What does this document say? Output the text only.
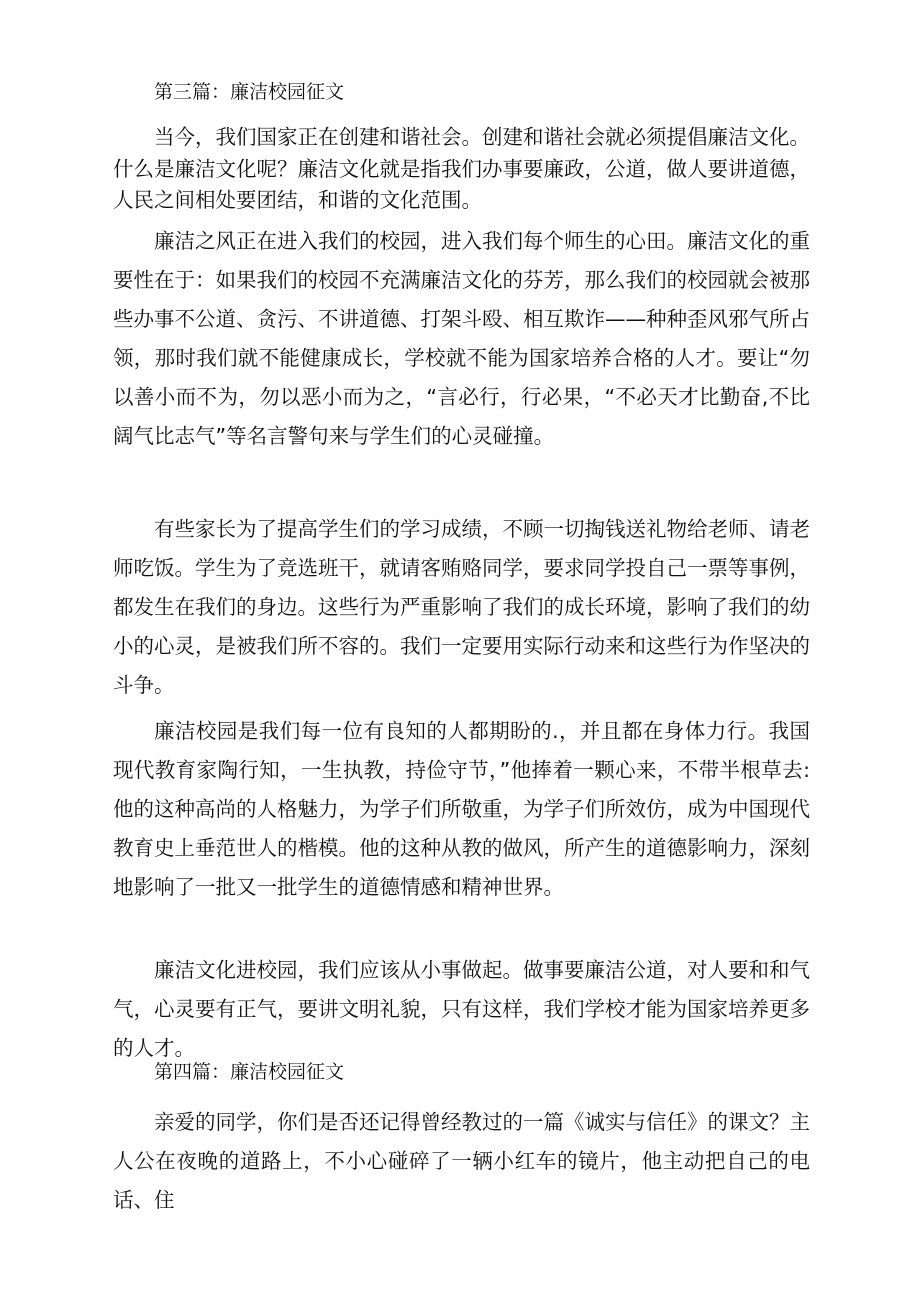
第三篇：廉洁校园征文

当今，我们国家正在创建和谐社会。创建和谐社会就必须提倡廉洁文化。什么是廉洁文化呢？廉洁文化就是指我们办事要廉政，公道，做人要讲道德，人民之间相处要团结，和谐的文化范围。

廉洁之风正在进入我们的校园，进入我们每个师生的心田。廉洁文化的重要性在于：如果我们的校园不充满廉洁文化的芬芳，那么我们的校园就会被那些办事不公道、贪污、不讲道德、打架斗殴、相互欺诈——种种歪风邪气所占领，那时我们就不能健康成长，学校就不能为国家培养合格的人才。要让“勿以善小而不为，勿以恶小而为之，“言必行，行必果，“不必天才比勤奋,不比阔气比志气”等名言警句来与学生们的心灵碰撞。

有些家长为了提高学生们的学习成绩，不顾一切掏钱送礼物给老师、请老师吃饭。学生为了竞选班干，就请客贿赂同学，要求同学投自己一票等事例，都发生在我们的身边。这些行为严重影响了我们的成长环境，影响了我们的幼小的心灵，是被我们所不容的。我们一定要用实际行动来和这些行为作坚决的斗争。

廉洁校园是我们每一位有良知的人都期盼的.，并且都在身体力行。我国现代教育家陶行知，一生执教，持俭守节，”他捧着一颗心来，不带半根草去:他的这种高尚的人格魅力，为学子们所敬重，为学子们所效仿，成为中国现代教育史上垂范世人的楷模。他的这种从教的做风，所产生的道德影响力，深刻地影响了一批又一批学生的道德情感和精神世界。

廉洁文化进校园，我们应该从小事做起。做事要廉洁公道，对人要和和气气，心灵要有正气，要讲文明礼貌，只有这样，我们学校才能为国家培养更多的人才。

第四篇：廉洁校园征文

亲爱的同学，你们是否还记得曾经教过的一篇《诚实与信任》的课文？主人公在夜晚的道路上，不小心碰碎了一辆小红车的镜片，他主动把自己的电话、住
